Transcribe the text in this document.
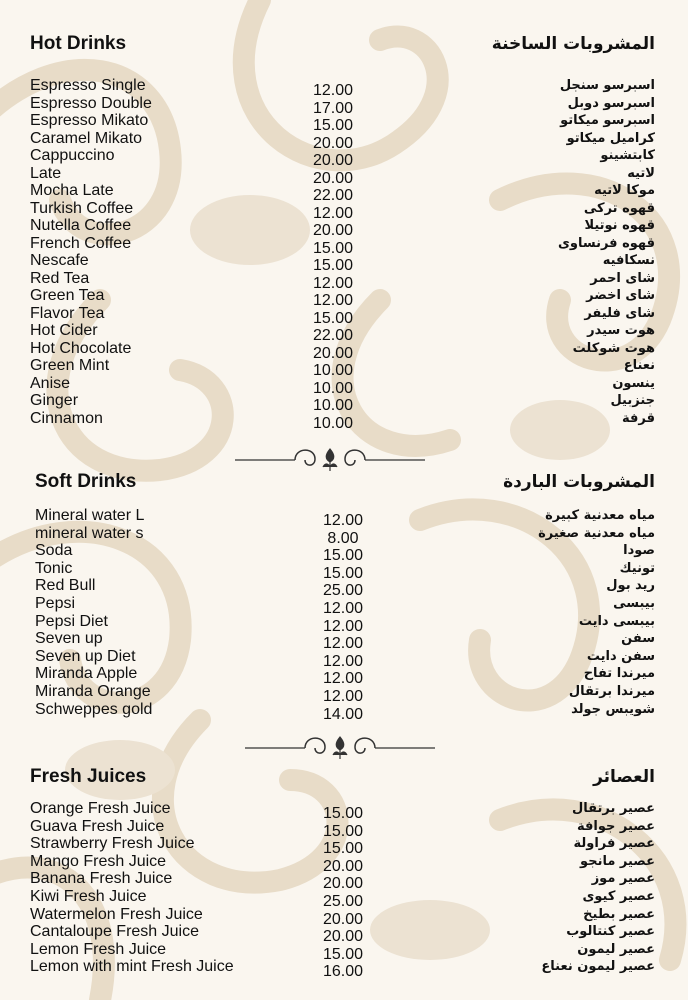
Hot Drinks	المشروبات الساخنة
Espresso Single	12.00	اسبرسو سنجل
Espresso Double	17.00	اسبرسو دوبل
Espresso Mikato	15.00	اسبرسو ميكاتو
Caramel Mikato	20.00	كراميل ميكاتو
Cappuccino	20.00	كابتشينو
Late	20.00	لاتيه
Mocha Late	22.00	موكا لاتيه
Turkish Coffee	12.00	قهوه تركى
Nutella Coffee	20.00	قهوه نوتيلا
French Coffee	15.00	قهوه فرنساوى
Nescafe	15.00	نسكافيه
Red Tea	12.00	شاى احمر
Green Tea	12.00	شاى اخضر
Flavor Tea	15.00	شاى فليفر
Hot Cider	22.00	هوت سيدر
Hot Chocolate	20.00	هوت شوكلت
Green Mint	10.00	نعناع
Anise	10.00	ينسون
Ginger	10.00	جنزبيل
Cinnamon	10.00	قرفة
Soft Drinks	المشروبات الباردة
Mineral water L	12.00	مياه معدنية كبيرة
mineral water s	8.00	مياه معدنية صغيرة
Soda	15.00	صودا
Tonic	15.00	تونيك
Red Bull	25.00	ريد بول
Pepsi	12.00	بيبسى
Pepsi Diet	12.00	بيبسى دايت
Seven up	12.00	سفن
Seven up Diet	12.00	سفن دايت
Miranda Apple	12.00	ميرندا تفاح
Miranda Orange	12.00	ميرندا برتقال
Schweppes gold	14.00	شويبس جولد
Fresh Juices	العصائر
Orange Fresh Juice	15.00	عصير برتقال
Guava Fresh Juice	15.00	عصير جوافة
Strawberry Fresh Juice	15.00	عصير فراولة
Mango Fresh Juice	20.00	عصير مانجو
Banana Fresh Juice	20.00	عصير موز
Kiwi Fresh Juice	25.00	عصير كيوى
Watermelon Fresh Juice	20.00	عصير بطيخ
Cantaloupe Fresh Juice	20.00	عصير كنتالوب
Lemon Fresh Juice	15.00	عصير ليمون
Lemon with mint Fresh Juice	16.00	عصير ليمون نعناع
